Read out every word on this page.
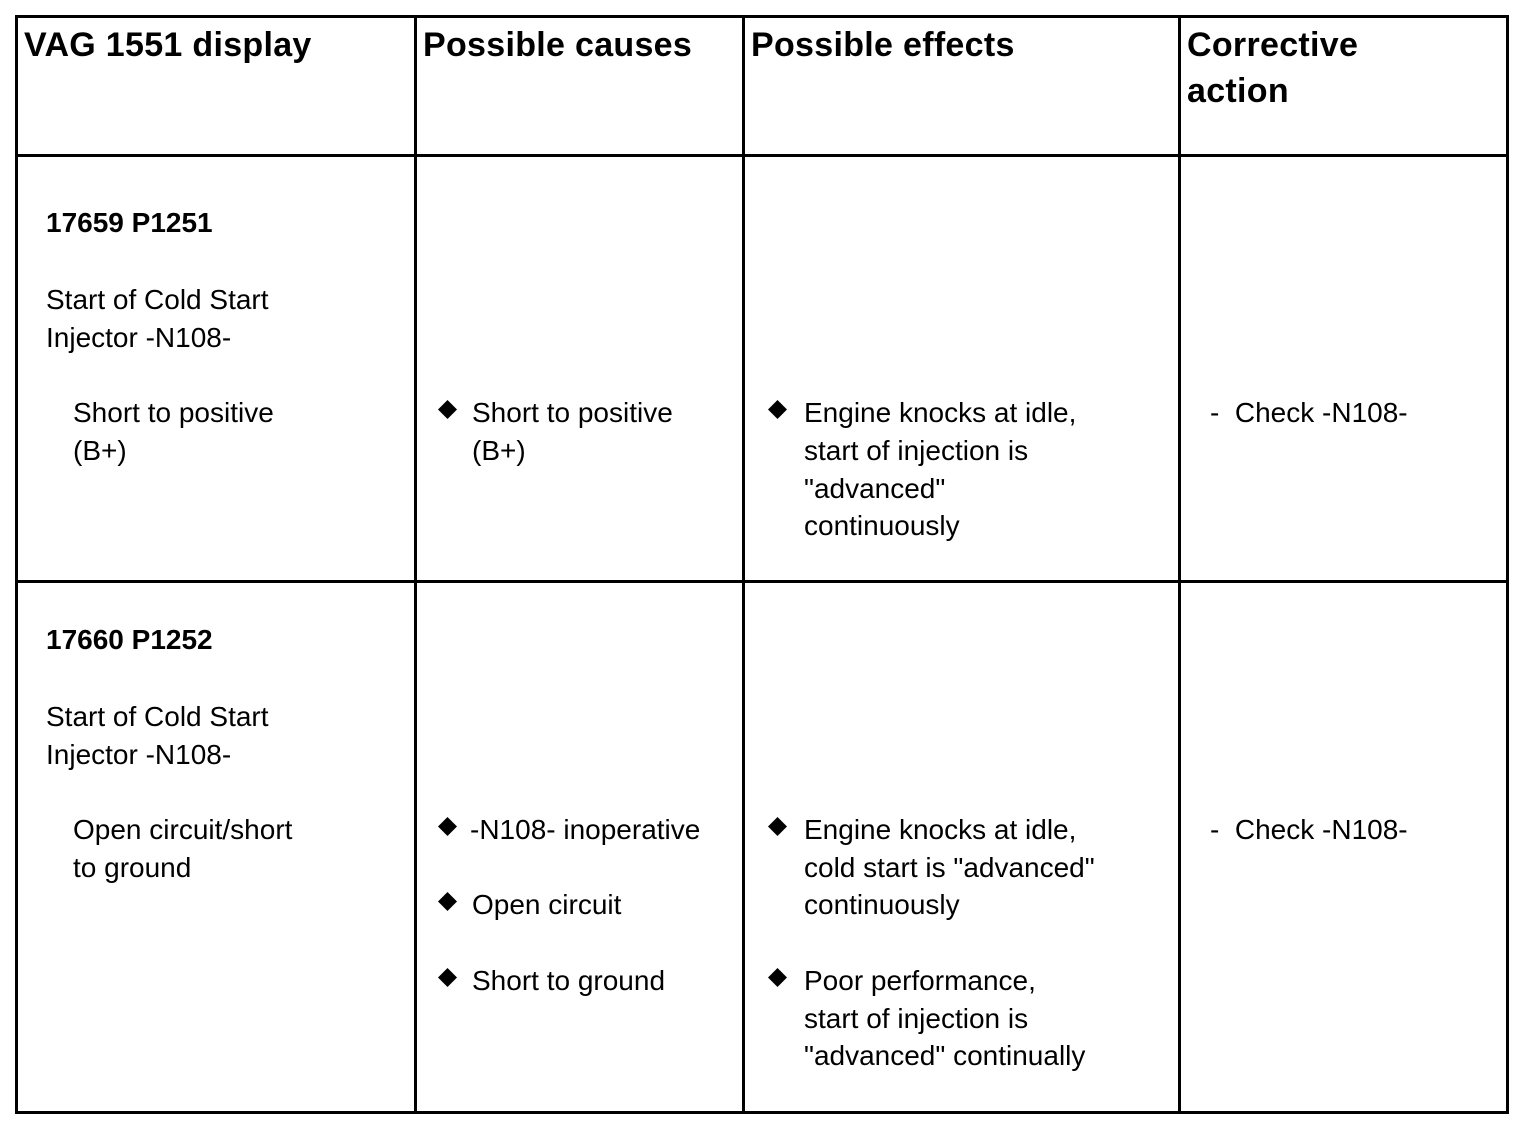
VAG 1551 display	Possible causes Possible effects	Corrective
action
17659 P1251
Start of Cold Start
Injector -N108-
Short to positive
(B+)
Short to positive
(B+)
Engine knocks at idle,
start of injection is
"advanced"
continuously
-  Check -N108-
17660 P1252
Start of Cold Start
Injector -N108-
Open circuit/short
to ground
-N108- inoperative
Open circuit
Short to ground
Engine knocks at idle,
cold start is "advanced"
continuously
Poor performance,
start of injection is
"advanced" continually
-  Check -N108-
